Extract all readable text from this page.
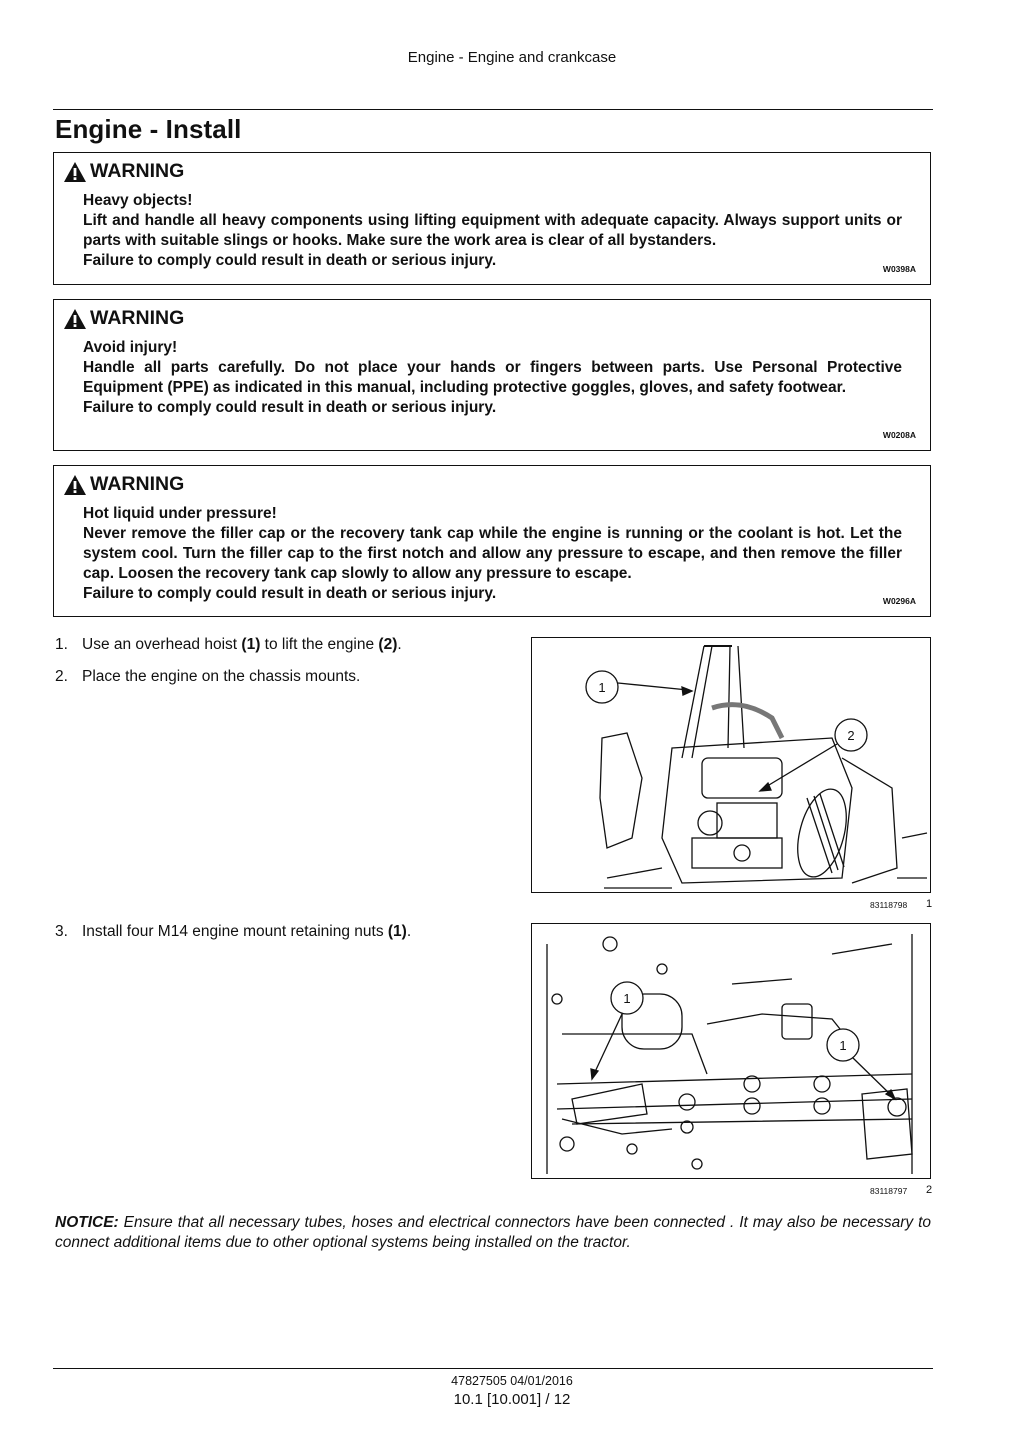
Engine - Engine and crankcase
Engine - Install
WARNING

Heavy objects!

Lift and handle all heavy components using lifting equipment with adequate capacity. Always support units or parts with suitable slings or hooks. Make sure the work area is clear of all bystanders.

Failure to comply could result in death or serious injury.	W0398A
WARNING

Avoid injury!

Handle all parts carefully. Do not place your hands or fingers between parts. Use Personal Protective Equipment (PPE) as indicated in this manual, including protective goggles, gloves, and safety footwear.

Failure to comply could result in death or serious injury.

W0208A
WARNING

Hot liquid under pressure!

Never remove the filler cap or the recovery tank cap while the engine is running or the coolant is hot. Let the system cool. Turn the filler cap to the first notch and allow any pressure to escape, and then remove the filler cap. Loosen the recovery tank cap slowly to allow any pressure to escape.

Failure to comply could result in death or serious injury.	W0296A
1. Use an overhead hoist (1) to lift the engine (2).
2. Place the engine on the chassis mounts.
3. Install four M14 engine mount retaining nuts (1).
1
2
83118798 1
1
1
83118797 2
NOTICE: Ensure that all necessary tubes, hoses and electrical connectors have been connected . It may also be necessary to connect additional items due to other optional systems being installed on the tractor.
47827505 04/01/2016
10.1 [10.001] / 12
